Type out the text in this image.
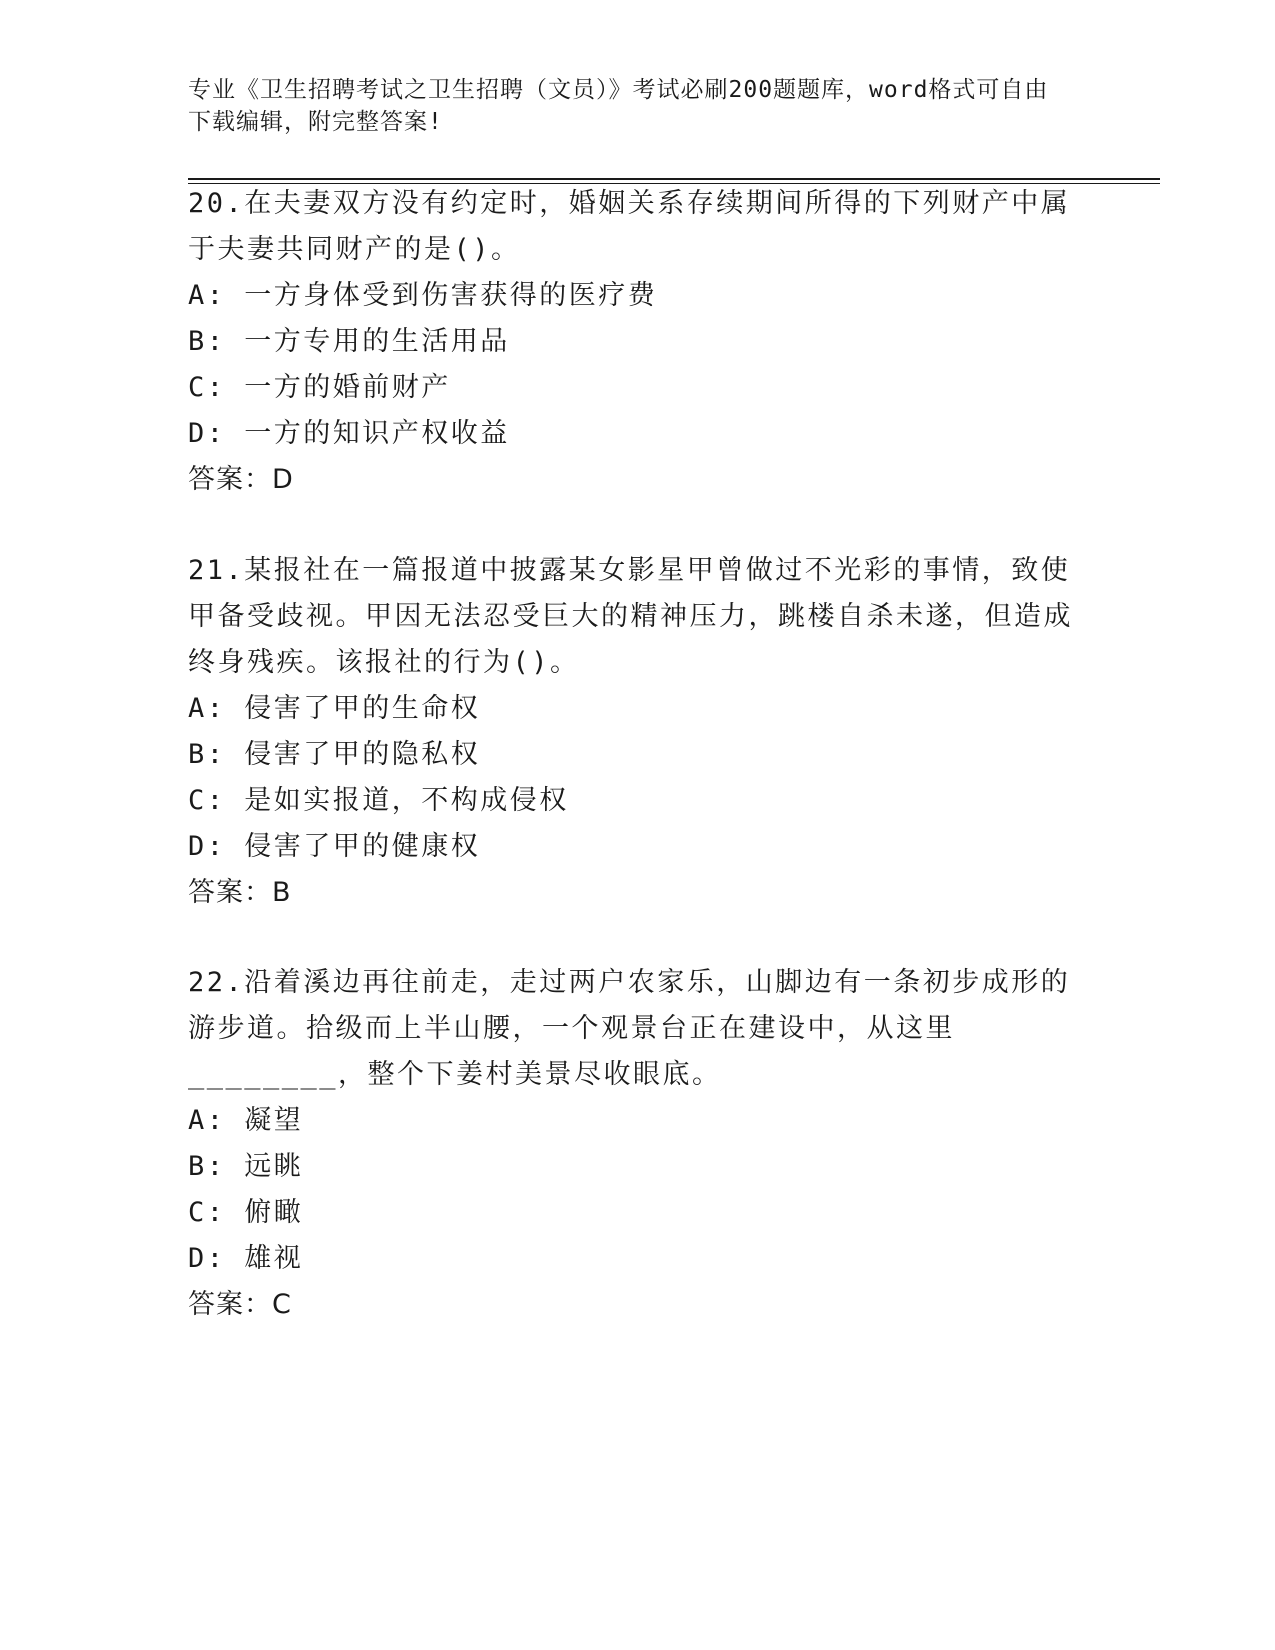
专业《卫生招聘考试之卫生招聘（文员）》考试必刷200题题库，word格式可自由下载编辑，附完整答案!

20.在夫妻双方没有约定时，婚姻关系存续期间所得的下列财产中属于夫妻共同财产的是()。

A: 一方身体受到伤害获得的医疗费

B: 一方专用的生活用品

C: 一方的婚前财产

D: 一方的知识产权收益

答案：D

21.某报社在一篇报道中披露某女影星甲曾做过不光彩的事情，致使甲备受歧视。甲因无法忍受巨大的精神压力，跳楼自杀未遂，但造成终身残疾。该报社的行为()。

A: 侵害了甲的生命权

B: 侵害了甲的隐私权

C: 是如实报道，不构成侵权

D: 侵害了甲的健康权

答案：B

22.沿着溪边再往前走，走过两户农家乐，山脚边有一条初步成形的游步道。拾级而上半山腰，一个观景台正在建设中，从这里________，整个下姜村美景尽收眼底。

A: 凝望

B: 远眺

C: 俯瞰

D: 雄视

答案：C
